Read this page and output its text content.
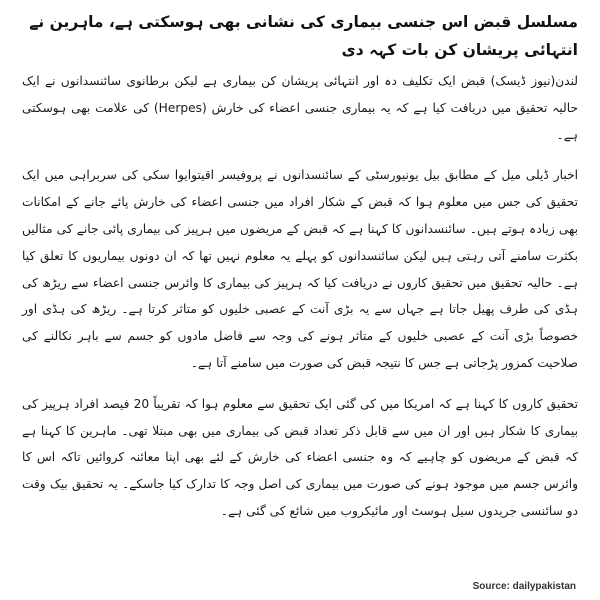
مسلسل قبض اس جنسی بیماری کی نشانی بھی ہوسکتی ہے، ماہرین نے انتہائی پریشان کن بات کہہ دی

لندن(نیوز ڈیسک) قبض ایک تکلیف دہ اور انتہائی پریشان کن بیماری ہے لیکن برطانوی سائنسدانوں نے ایک حالیہ تحقیق میں دریافت کیا ہے کہ یہ بیماری جنسی اعضاء کی خارش (Herpes) کی علامت بھی ہوسکتی ہے۔

اخبار ڈیلی میل کے مطابق بیل یونیورسٹی کے سائنسدانوں نے پروفیسر اقیتوایوا سکی کی سربراہی میں ایک تحقیق کی جس میں معلوم ہوا کہ قبض کے شکار افراد میں جنسی اعضاء کی خارش پائے جانے کے امکانات بھی زیادہ ہوتے ہیں۔ سائنسدانوں کا کہنا ہے کہ قبض کے مریضوں میں ہرپیز کی بیماری پائی جانے کی مثالیں بکثرت سامنے آتی رہتی ہیں لیکن سائنسدانوں کو پہلے یہ معلوم نہیں تھا کہ ان دونوں بیماریوں کا تعلق کیا ہے۔ حالیہ تحقیق میں تحقیق کاروں نے دریافت کیا کہ ہرپیز کی بیماری کا وائرس جنسی اعضاء سے ریڑھ کی ہڈی کی طرف پھیل جاتا ہے جہاں سے یہ بڑی آنت کے عصبی خلیوں کو متاثر کرتا ہے۔ ریڑھ کی ہڈی اور خصوصاً بڑی آنت کے عصبی خلیوں کے متاثر ہونے کی وجہ سے فاضل مادوں کو جسم سے باہر نکالنے کی صلاحیت کمزور پڑجاتی ہے جس کا نتیجہ قبض کی صورت میں سامنے آتا ہے۔

تحقیق کاروں کا کہنا ہے کہ امریکا میں کی گئی ایک تحقیق سے معلوم ہوا کہ تقریباً 20 فیصد افراد ہرپیز کی بیماری کا شکار ہیں اور ان میں سے قابل ذکر تعداد قبض کی بیماری میں بھی مبتلا تھی۔ ماہرین کا کہنا ہے کہ قبض کے مریضوں کو چاہیے کہ وہ جنسی اعضاء کی خارش کے لئے بھی اپنا معائنہ کروائیں تاکہ اس کا وائرس جسم میں موجود ہونے کی صورت میں بیماری کی اصل وجہ کا تدارک کیا جاسکے۔ یہ تحقیق بیک وقت دو سائنسی جریدوں سیل ہوسٹ اور مائیکروب میں شائع کی گئی ہے۔

Source: dailypakistan
